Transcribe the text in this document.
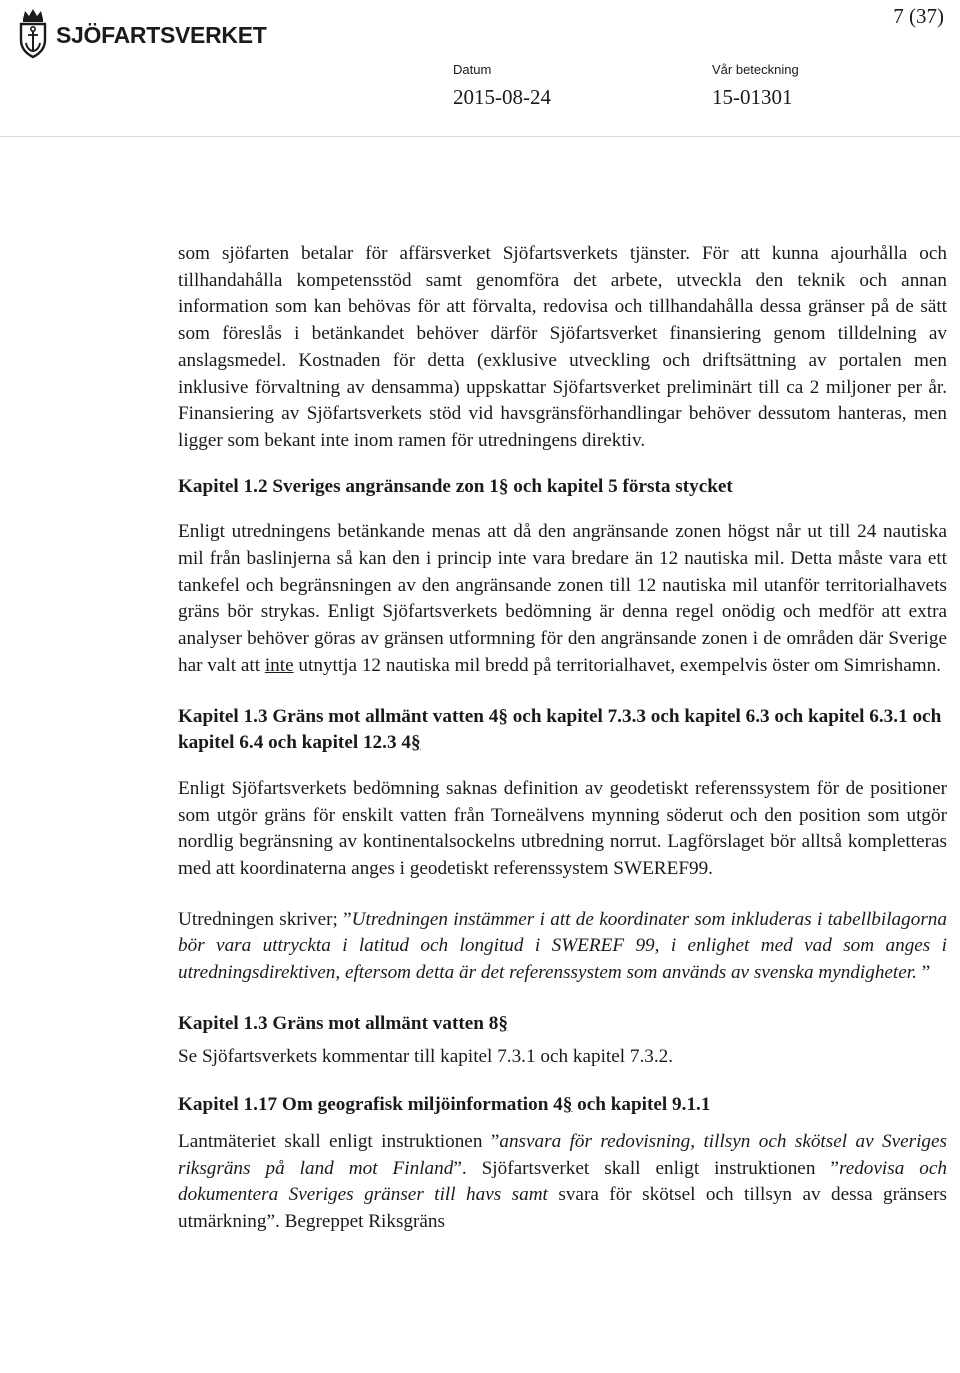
SJÖFARTSVERKET
7 (37)
Datum
2015-08-24
Vår beteckning
15-01301

som sjöfarten betalar för affärsverket Sjöfartsverkets tjänster. För att kunna ajourhålla och tillhandahålla kompetensstöd samt genomföra det arbete, utveckla den teknik och annan information som kan behövas för att förvalta, redovisa och tillhandahålla dessa gränser på de sätt som föreslås i betänkandet behöver därför Sjöfartsverket finansiering genom tilldelning av anslagsmedel. Kostnaden för detta (exklusive utveckling och driftsättning av portalen men inklusive förvaltning av densamma) uppskattar Sjöfartsverket preliminärt till ca 2 miljoner per år. Finansiering av Sjöfartsverkets stöd vid havsgränsförhandlingar behöver dessutom hanteras, men ligger som bekant inte inom ramen för utredningens direktiv.

Kapitel 1.2 Sveriges angränsande zon 1§ och kapitel 5 första stycket

Enligt utredningens betänkande menas att då den angränsande zonen högst når ut till 24 nautiska mil från baslinjerna så kan den i princip inte vara bredare än 12 nautiska mil. Detta måste vara ett tankefel och begränsningen av den angränsande zonen till 12 nautiska mil utanför territorialhavets gräns bör strykas. Enligt Sjöfartsverkets bedömning är denna regel onödig och medför att extra analyser behöver göras av gränsen utformning för den angränsande zonen i de områden där Sverige har valt att inte utnyttja 12 nautiska mil bredd på territorialhavet, exempelvis öster om Simrishamn.

Kapitel 1.3 Gräns mot allmänt vatten 4§ och kapitel 7.3.3 och kapitel 6.3 och kapitel 6.3.1 och kapitel 6.4 och kapitel 12.3 4§

Enligt Sjöfartsverkets bedömning saknas definition av geodetiskt referenssystem för de positioner som utgör gräns för enskilt vatten från Torneälvens mynning söderut och den position som utgör nordlig begränsning av kontinentalsockelns utbredning norrut. Lagförslaget bör alltså kompletteras med att koordinaterna anges i geodetiskt referenssystem SWEREF99.

Utredningen skriver; ”Utredningen instämmer i att de koordinater som inkluderas i tabellbilagorna bör vara uttryckta i latitud och longitud i SWEREF 99, i enlighet med vad som anges i utredningsdirektiven, eftersom detta är det referenssystem som används av svenska myndigheter. ”

Kapitel 1.3 Gräns mot allmänt vatten 8§

Se Sjöfartsverkets kommentar till kapitel 7.3.1 och kapitel 7.3.2.

Kapitel 1.17 Om geografisk miljöinformation 4§ och kapitel 9.1.1

Lantmäteriet skall enligt instruktionen ”ansvara för redovisning, tillsyn och skötsel av Sveriges riksgräns på land mot Finland”. Sjöfartsverket skall enligt instruktionen ”redovisa och dokumentera Sveriges gränser till havs samt svara för skötsel och tillsyn av dessa gränsers utmärkning”. Begreppet Riksgräns
